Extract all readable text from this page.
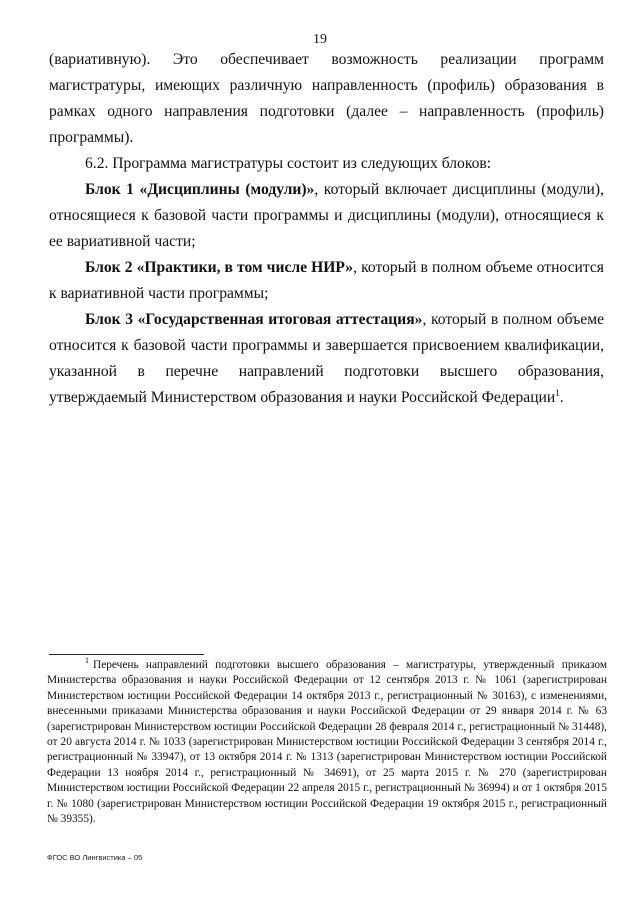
19

(вариативную). Это обеспечивает возможность реализации программ магистратуры, имеющих различную направленность (профиль) образования в рамках одного направления подготовки (далее – направленность (профиль) программы).

6.2. Программа магистратуры состоит из следующих блоков:

Блок 1 «Дисциплины (модули)», который включает дисциплины (модули), относящиеся к базовой части программы и дисциплины (модули), относящиеся к ее вариативной части;

Блок 2 «Практики, в том числе НИР», который в полном объеме относится к вариативной части программы;

Блок 3 «Государственная итоговая аттестация», который в полном объеме относится к базовой части программы и завершается присвоением квалификации, указанной в перечне направлений подготовки высшего образования, утверждаемый Министерством образования и науки Российской Федерации$^1$.

$^1$ Перечень направлений подготовки высшего образования – магистратуры, утвержденный приказом Министерства образования и науки Российской Федерации от 12 сентября 2013 г. № 1061 (зарегистрирован Министерством юстиции Российской Федерации 14 октября 2013 г., регистрационный № 30163), с изменениями, внесенными приказами Министерства образования и науки Российской Федерации от 29 января 2014 г. № 63 (зарегистрирован Министерством юстиции Российской Федерации 28 февраля 2014 г., регистрационный № 31448), от 20 августа 2014 г. № 1033 (зарегистрирован Министерством юстиции Российской Федерации 3 сентября 2014 г., регистрационный № 33947), от 13 октября 2014 г. № 1313 (зарегистрирован Министерством юстиции Российской Федерации 13 ноября 2014 г., регистрационный № 34691), от 25 марта 2015 г. № 270 (зарегистрирован Министерством юстиции Российской Федерации 22 апреля 2015 г., регистрационный № 36994) и от 1 октября 2015 г. № 1080 (зарегистрирован Министерством юстиции Российской Федерации 19 октября 2015 г., регистрационный № 39355).

ФГОС ВО Лингвистика – 05
